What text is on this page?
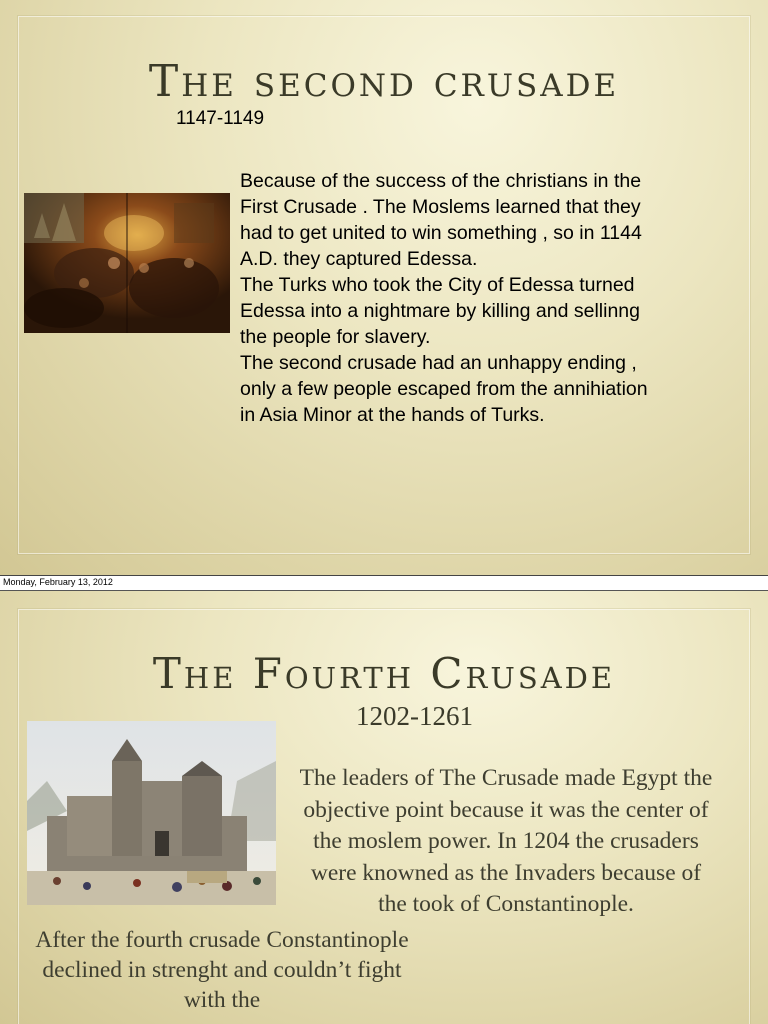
The second crusade
1147-1149

Because of the success of the christians in the First Crusade . The Moslems learned that they had to get united to win something , so in 1144 A.D. they captured Edessa.

The Turks who took the City of Edessa turned Edessa into a nightmare by killing and sellinng the people for slavery.

The second crusade had an unhappy ending , only a few people escaped from the annihiation in Asia Minor at the hands of Turks.

Monday, February 13, 2012
The Fourth Crusade
1202-1261
The leaders of The Crusade made Egypt the objective point because it was the center of the moslem power. In 1204 the crusaders were knowned as the Invaders because of the took of Constantinople.
After the fourth crusade Constantinople declined in strenght and couldn’t fight with the
